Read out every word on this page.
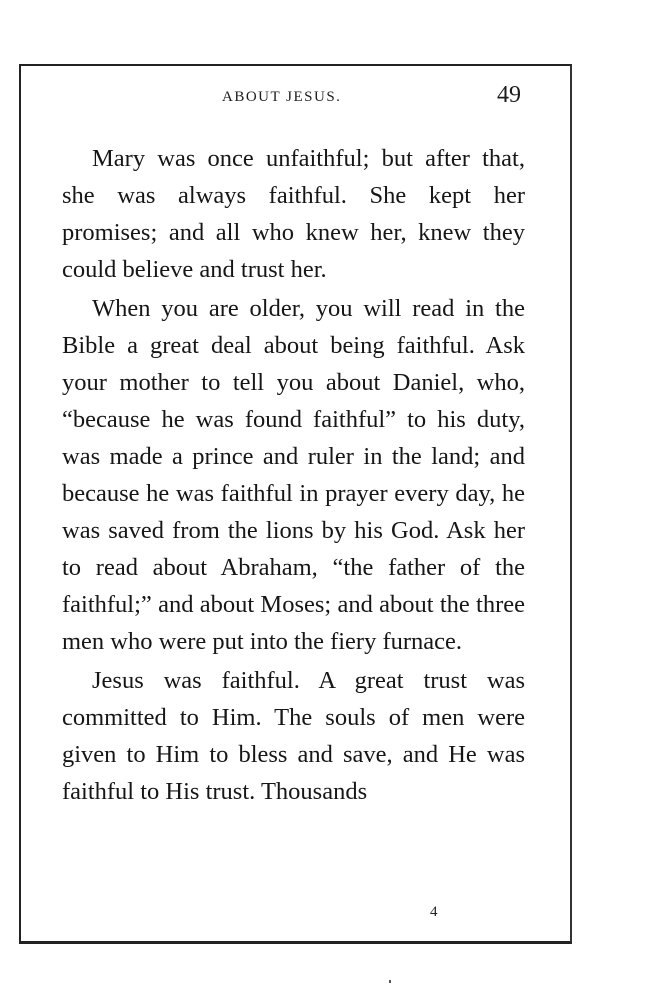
ABOUT JESUS.	49

Mary was once unfaithful; but after that, she was always faithful. She kept her promises; and all who knew her, knew they could believe and trust her.

When you are older, you will read in the Bible a great deal about being faithful. Ask your mother to tell you about Daniel, who, “because he was found faithful” to his duty, was made a prince and ruler in the land; and because he was faithful in prayer every day, he was saved from the lions by his God. Ask her to read about Abraham, “the father of the faithful;” and about Moses; and about the three men who were put into the fiery furnace.

Jesus was faithful. A great trust was committed to Him. The souls of men were given to Him to bless and save, and He was faithful to His trust. Thousands

4
